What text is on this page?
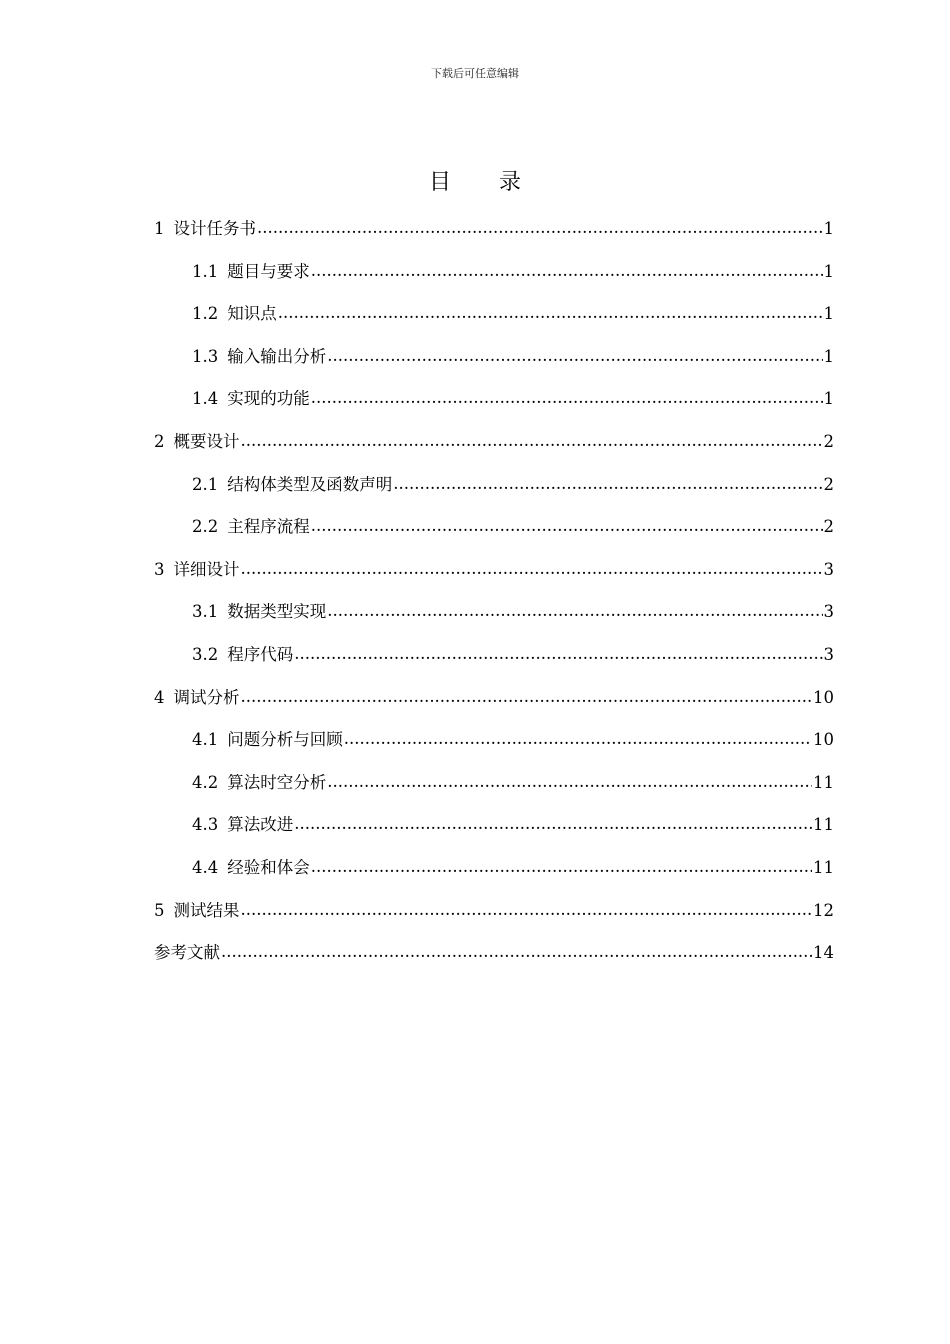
下载后可任意编辑
目 录
1 设计任务书 .....	1
1.1 题目与要求 .....	1
1.2 知识点 .....	1
1.3 输入输出分析 .....	1
1.4 实现的功能 .....	1
2 概要设计 .....	2
2.1 结构体类型及函数声明 .....	2
2.2 主程序流程 .....	2
3 详细设计 .....	3
3.1 数据类型实现 .....	3
3.2 程序代码 .....	3
4 调试分析 .....	10
4.1 问题分析与回顾 .....	10
4.2 算法时空分析 .....	11
4.3 算法改进 .....	11
4.4 经验和体会 .....	11
5 测试结果 .....	12
参考文献 .....	14
